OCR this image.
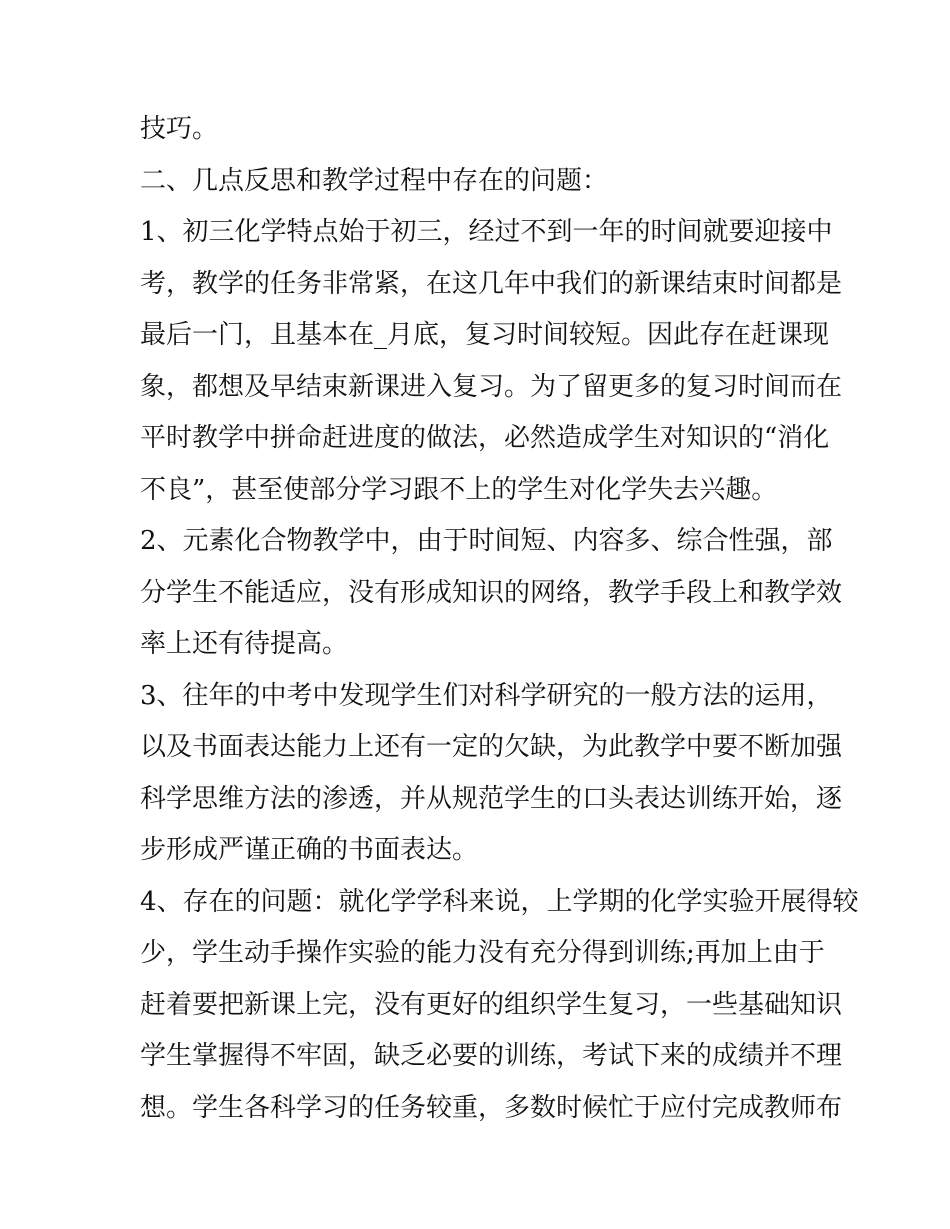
技巧。
二、几点反思和教学过程中存在的问题：
1、初三化学特点始于初三，经过不到一年的时间就要迎接中
考，教学的任务非常紧，在这几年中我们的新课结束时间都是
最后一门，且基本在_月底，复习时间较短。因此存在赶课现
象，都想及早结束新课进入复习。为了留更多的复习时间而在
平时教学中拼命赶进度的做法，必然造成学生对知识的“消化
不良”，甚至使部分学习跟不上的学生对化学失去兴趣。
2、元素化合物教学中，由于时间短、内容多、综合性强，部
分学生不能适应，没有形成知识的网络，教学手段上和教学效
率上还有待提高。
3、往年的中考中发现学生们对科学研究的一般方法的运用，
以及书面表达能力上还有一定的欠缺，为此教学中要不断加强
科学思维方法的渗透，并从规范学生的口头表达训练开始，逐
步形成严谨正确的书面表达。
4、存在的问题：就化学学科来说，上学期的化学实验开展得较
少，学生动手操作实验的能力没有充分得到训练;再加上由于
赶着要把新课上完，没有更好的组织学生复习，一些基础知识
学生掌握得不牢固，缺乏必要的训练，考试下来的成绩并不理
想。学生各科学习的任务较重，多数时候忙于应付完成教师布
